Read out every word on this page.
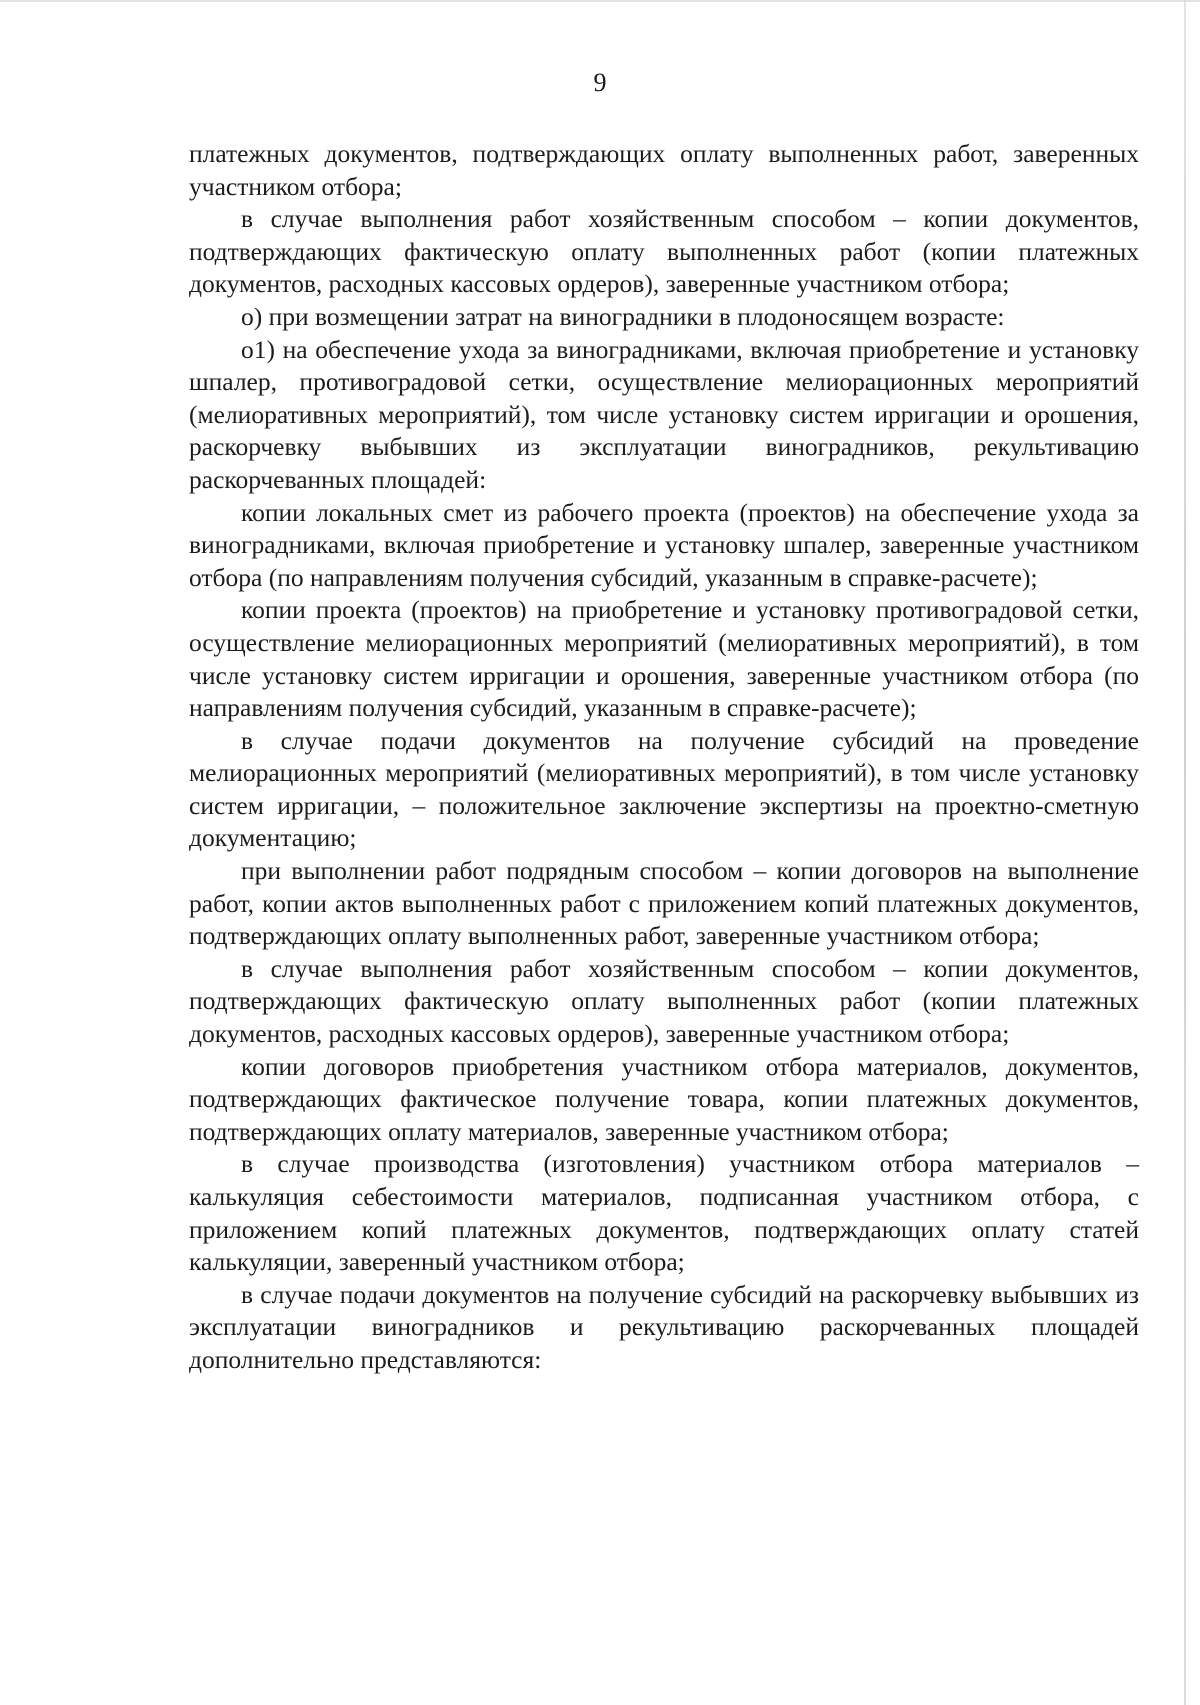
9

платежных документов, подтверждающих оплату выполненных работ, заверенных участником отбора;

в случае выполнения работ хозяйственным способом – копии документов, подтверждающих фактическую оплату выполненных работ (копии платежных документов, расходных кассовых ордеров), заверенные участником отбора;

о) при возмещении затрат на виноградники в плодоносящем возрасте:

о1) на обеспечение ухода за виноградниками, включая приобретение и установку шпалер, противоградовой сетки, осуществление мелиорационных мероприятий (мелиоративных мероприятий), том числе установку систем ирригации и орошения, раскорчевку выбывших из эксплуатации виноградников, рекультивацию раскорчеванных площадей:

копии локальных смет из рабочего проекта (проектов) на обеспечение ухода за виноградниками, включая приобретение и установку шпалер, заверенные участником отбора (по направлениям получения субсидий, указанным в справке-расчете);

копии проекта (проектов) на приобретение и установку противоградовой сетки, осуществление мелиорационных мероприятий (мелиоративных мероприятий), в том числе установку систем ирригации и орошения, заверенные участником отбора (по направлениям получения субсидий, указанным в справке-расчете);

в случае подачи документов на получение субсидий на проведение мелиорационных мероприятий (мелиоративных мероприятий), в том числе установку систем ирригации, – положительное заключение экспертизы на проектно-сметную документацию;

при выполнении работ подрядным способом – копии договоров на выполнение работ, копии актов выполненных работ с приложением копий платежных документов, подтверждающих оплату выполненных работ, заверенные участником отбора;

в случае выполнения работ хозяйственным способом – копии документов, подтверждающих фактическую оплату выполненных работ (копии платежных документов, расходных кассовых ордеров), заверенные участником отбора;

копии договоров приобретения участником отбора материалов, документов, подтверждающих фактическое получение товара, копии платежных документов, подтверждающих оплату материалов, заверенные участником отбора;

в случае производства (изготовления) участником отбора материалов – калькуляция себестоимости материалов, подписанная участником отбора, с приложением копий платежных документов, подтверждающих оплату статей калькуляции, заверенный участником отбора;

в случае подачи документов на получение субсидий на раскорчевку выбывших из эксплуатации виноградников и рекультивацию раскорчеванных площадей дополнительно представляются:
